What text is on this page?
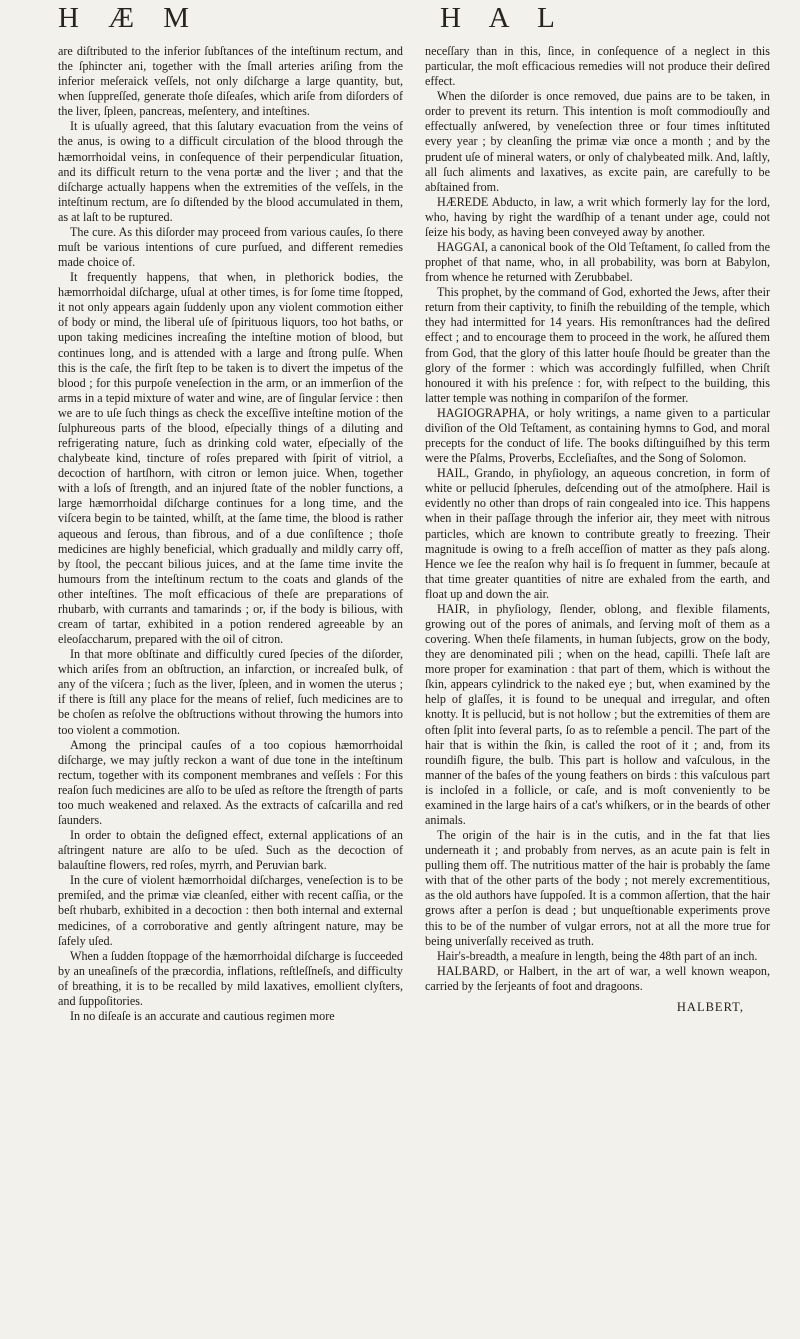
H Æ M	H A L

are diſtributed to the inferior ſubſtances of the inteſtinum rectum, and the ſphincter ani, together with the ſmall arteries ariſing from the inferior meſeraick veſſels, not only diſcharge a large quantity, but, when ſuppreſſed, generate thoſe diſeaſes, which ariſe from diſorders of the liver, ſpleen, pancreas, meſentery, and inteſtines.

It is uſually agreed, that this ſalutary evacuation from the veins of the anus, is owing to a difficult circulation of the blood through the hæmorrhoidal veins, in conſequence of their perpendicular ſituation, and its difficult return to the vena portæ and the liver ; and that the diſcharge actually happens when the extremities of the veſſels, in the inteſtinum rectum, are ſo diſtended by the blood accumulated in them, as at laſt to be ruptured.

The cure. As this diſorder may proceed from various cauſes, ſo there muſt be various intentions of cure purſued, and different remedies made choice of.

It frequently happens, that when, in plethorick bodies, the hæmorrhoidal diſcharge, uſual at other times, is for ſome time ſtopped, it not only appears again ſuddenly upon any violent commotion either of body or mind, the liberal uſe of ſpirituous liquors, too hot baths, or upon taking medicines increaſing the inteſtine motion of blood, but continues long, and is attended with a large and ſtrong pulſe. When this is the caſe, the firſt ſtep to be taken is to divert the impetus of the blood ; for this purpoſe veneſection in the arm, or an immerſion of the arms in a tepid mixture of water and wine, are of ſingular ſervice : then we are to uſe ſuch things as check the exceſſive inteſtine motion of the ſulphureous parts of the blood, eſpecially things of a diluting and refrigerating nature, ſuch as drinking cold water, eſpecially of the chalybeate kind, tincture of roſes prepared with ſpirit of vitriol, a decoction of hartſhorn, with citron or lemon juice. When, together with a loſs of ſtrength, and an injured ſtate of the nobler functions, a large hæmorrhoidal diſcharge continues for a long time, and the viſcera begin to be tainted, whilſt, at the ſame time, the blood is rather aqueous and ſerous, than fibrous, and of a due conſiſtence ; thoſe medicines are highly beneficial, which gradually and mildly carry off, by ſtool, the peccant bilious juices, and at the ſame time invite the humours from the inteſtinum rectum to the coats and glands of the other inteſtines. The moſt efficacious of theſe are preparations of rhubarb, with currants and tamarinds ; or, if the body is bilious, with cream of tartar, exhibited in a potion rendered agreeable by an eleoſaccharum, prepared with the oil of citron.

In that more obſtinate and difficultly cured ſpecies of the diſorder, which ariſes from an obſtruction, an infarction, or increaſed bulk, of any of the viſcera ; ſuch as the liver, ſpleen, and in women the uterus ; if there is ſtill any place for the means of relief, ſuch medicines are to be choſen as reſolve the obſtructions without throwing the humors into too violent a commotion.

Among the principal cauſes of a too copious hæmorrhoidal diſcharge, we may juſtly reckon a want of due tone in the inteſtinum rectum, together with its component membranes and veſſels : For this reaſon ſuch medicines are alſo to be uſed as reſtore the ſtrength of parts too much weakened and relaxed. As the extracts of caſcarilla and red ſaunders.

In order to obtain the deſigned effect, external applications of an aſtringent nature are alſo to be uſed. Such as the decoction of balauſtine flowers, red roſes, myrrh, and Peruvian bark.

In the cure of violent hæmorrhoidal diſcharges, veneſection is to be premiſed, and the primæ viæ cleanſed, either with recent caſſia, or the beſt rhubarb, exhibited in a decoction : then both internal and external medicines, of a corroborative and gently aſtringent nature, may be ſafely uſed.

When a ſudden ſtoppage of the hæmorrhoidal diſcharge is ſucceeded by an uneaſineſs of the præcordia, inflations, reſtleſſneſs, and difficulty of breathing, it is to be recalled by mild laxatives, emollient clyſters, and ſuppoſitories.

In no diſeaſe is an accurate and cautious regimen more

neceſſary than in this, ſince, in conſequence of a neglect in this particular, the moſt efficacious remedies will not produce their deſired effect.

When the diſorder is once removed, due pains are to be taken, in order to prevent its return. This intention is moſt commodiouſly and effectually anſwered, by veneſection three or four times inſtituted every year ; by cleanſing the primæ viæ once a month ; and by the prudent uſe of mineral waters, or only of chalybeated milk. And, laſtly, all ſuch aliments and laxatives, as excite pain, are carefully to be abſtained from.

HÆREDE Abducto, in law, a writ which formerly lay for the lord, who, having by right the wardſhip of a tenant under age, could not ſeize his body, as having been conveyed away by another.

HAGGAI, a canonical book of the Old Teſtament, ſo called from the prophet of that name, who, in all probability, was born at Babylon, from whence he returned with Zerubbabel.

This prophet, by the command of God, exhorted the Jews, after their return from their captivity, to finiſh the rebuilding of the temple, which they had intermitted for 14 years. His remonſtrances had the deſired effect ; and to encourage them to proceed in the work, he aſſured them from God, that the glory of this latter houſe ſhould be greater than the glory of the former : which was accordingly fulfilled, when Chriſt honoured it with his preſence : for, with reſpect to the building, this latter temple was nothing in compariſon of the former.

HAGIOGRAPHA, or holy writings, a name given to a particular diviſion of the Old Teſtament, as containing hymns to God, and moral precepts for the conduct of life. The books diſtinguiſhed by this term were the Pſalms, Proverbs, Eccleſiaſtes, and the Song of Solomon.

HAIL, Grando, in phyſiology, an aqueous concretion, in form of white or pellucid ſpherules, deſcending out of the atmoſphere. Hail is evidently no other than drops of rain congealed into ice. This happens when in their paſſage through the inferior air, they meet with nitrous particles, which are known to contribute greatly to freezing. Their magnitude is owing to a freſh acceſſion of matter as they paſs along. Hence we ſee the reaſon why hail is ſo frequent in ſummer, becauſe at that time greater quantities of nitre are exhaled from the earth, and float up and down the air.

HAIR, in phyſiology, ſlender, oblong, and flexible filaments, growing out of the pores of animals, and ſerving moſt of them as a covering. When theſe filaments, in human ſubjects, grow on the body, they are denominated pili ; when on the head, capilli. Theſe laſt are more proper for examination : that part of them, which is without the ſkin, appears cylindrick to the naked eye ; but, when examined by the help of glaſſes, it is found to be unequal and irregular, and often knotty. It is pellucid, but is not hollow ; but the extremities of them are often ſplit into ſeveral parts, ſo as to reſemble a pencil. The part of the hair that is within the ſkin, is called the root of it ; and, from its roundiſh figure, the bulb. This part is hollow and vaſculous, in the manner of the baſes of the young feathers on birds : this vaſculous part is incloſed in a follicle, or caſe, and is moſt conveniently to be examined in the large hairs of a cat's whiſkers, or in the beards of other animals.

The origin of the hair is in the cutis, and in the fat that lies underneath it ; and probably from nerves, as an acute pain is felt in pulling them off. The nutritious matter of the hair is probably the ſame with that of the other parts of the body ; not merely excrementitious, as the old authors have ſuppoſed. It is a common aſſertion, that the hair grows after a perſon is dead ; but unqueſtionable experiments prove this to be of the number of vulgar errors, not at all the more true for being univerſally received as truth.

Hair's-breadth, a meaſure in length, being the 48th part of an inch.

HALBARD, or Halbert, in the art of war, a well known weapon, carried by the ſerjeants of foot and dragoons.

HALBERT,
